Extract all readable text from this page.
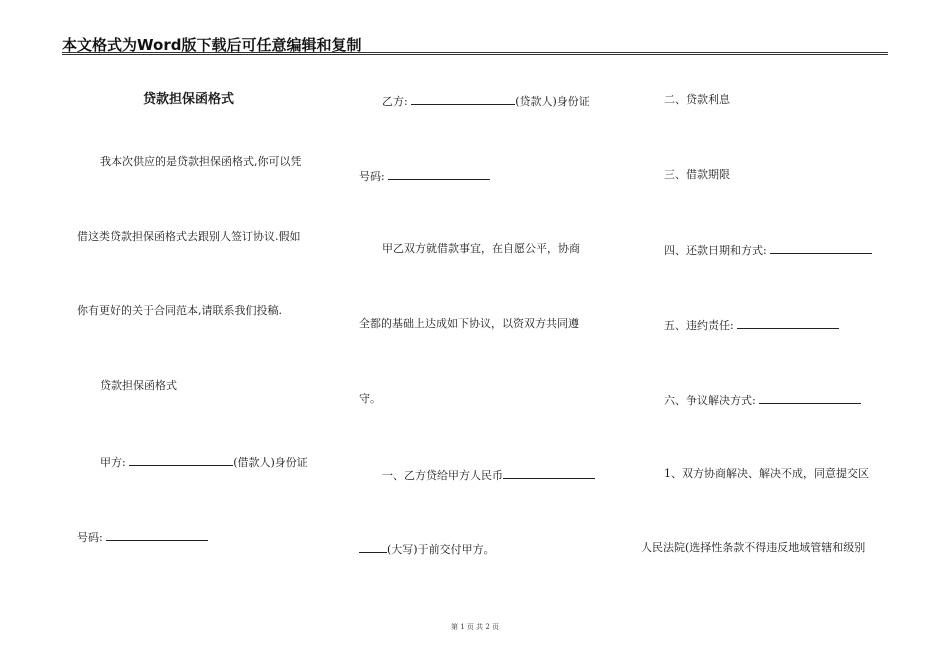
本文格式为Word版下载后可任意编辑和复制
贷款担保函格式
我本次供应的是贷款担保函格式,你可以凭
借这类贷款担保函格式去跟别人签订协议.假如
你有更好的关于合同范本,请联系我们投稿.
贷款担保函格式
甲方:	(借款人)身份证
号码:
乙方:	(贷款人)身份证
号码:
甲乙双方就借款事宜，在自愿公平，协商
全都的基础上达成如下协议，以资双方共同遵
守。
一、乙方贷给甲方人民币
(大写)于前交付甲方。
二、贷款利息
三、借款期限
四、还款日期和方式:
五、违约责任:
六、争议解决方式:
1、双方协商解决、解决不成，同意提交区
人民法院(选择性条款不得违反地域管辖和级别
第 1 页 共 2 页
